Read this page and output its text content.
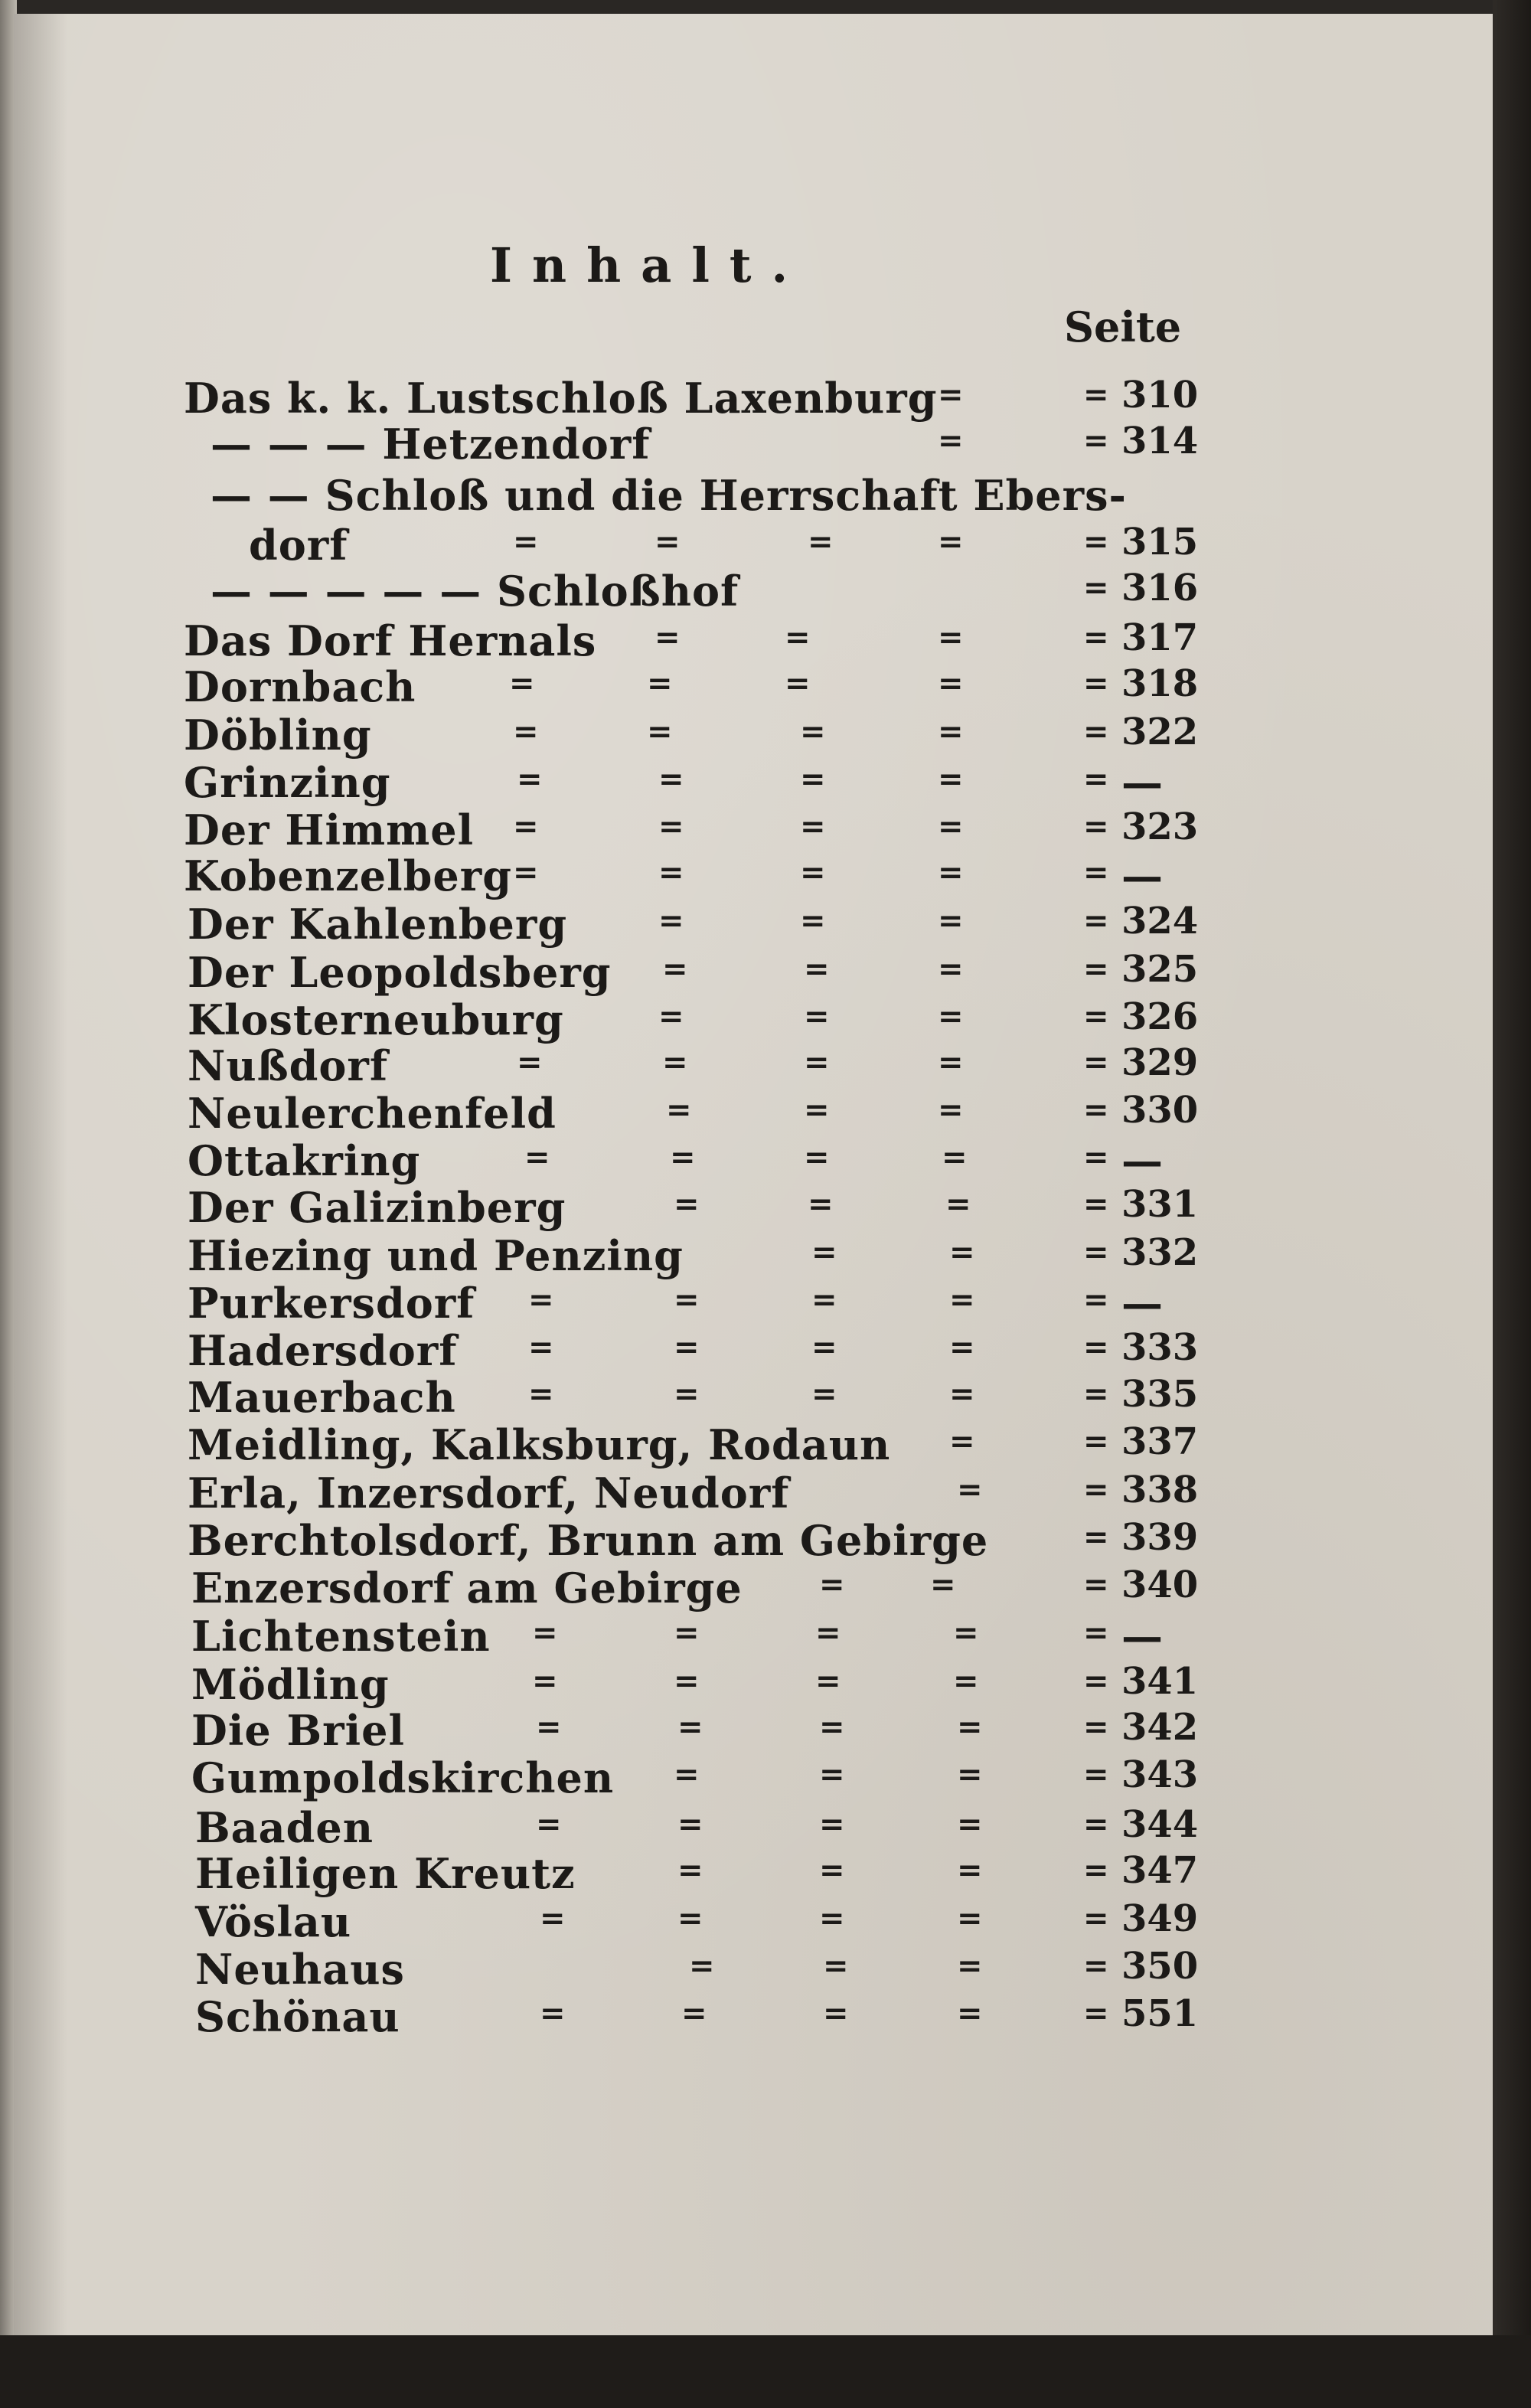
Inhalt.
Seite
Das k. k. Lustschloß Laxenburg =	= 310
— — — Hetzendorf	=	= 314
— — Schloß und die Herrschaft Ebers-
dorf	=	=	=	=	= 315
— — — — — Schloßhof	= 316
Das Dorf Hernals =	=	=	= 317
Dornbach	=	=	=	=	= 318
Döbling	=	=	=	=	= 322
Grinzing	=	=	=	=	= —
Der Himmel =	=	=	=	= 323
Kobenzelberg =	=	=	=	= —
Der Kahlenberg	=	=	=	= 324
Der Leopoldsberg =	=	=	= 325
Klosterneuburg	=	=	=	= 326
Nußdorf	=	=	=	=	= 329
Neulerchenfeld	=	=	=	= 330
Ottakring	=	=	=	=	= —
Der Galizinberg	=	=	=	= 331
Hiezing und Penzing	=	=	= 332
Purkersdorf =	=	=	=	= —
Hadersdorf =	=	=	=	= 333
Mauerbach =	=	=	=	= 335
Meidling, Kalksburg, Rodaun =	= 337
Erla, Inzersdorf, Neudorf	=	= 338
Berchtolsdorf, Brunn am Gebirge	= 339
Enzersdorf am Gebirge	=	=	= 340
Lichtenstein =	=	=	=	= —
Mödling	=	=	=	=	= 341
Die Briel	=	=	=	=	= 342
Gumpoldskirchen =	=	=	= 343
Baaden	=	=	=	=	= 344
Heiligen Kreutz	=	=	=	= 347
Vöslau	=	=	=	=	= 349
Neuhaus	=	=	=	= 350
Schönau	=	=	=	=	= 551
